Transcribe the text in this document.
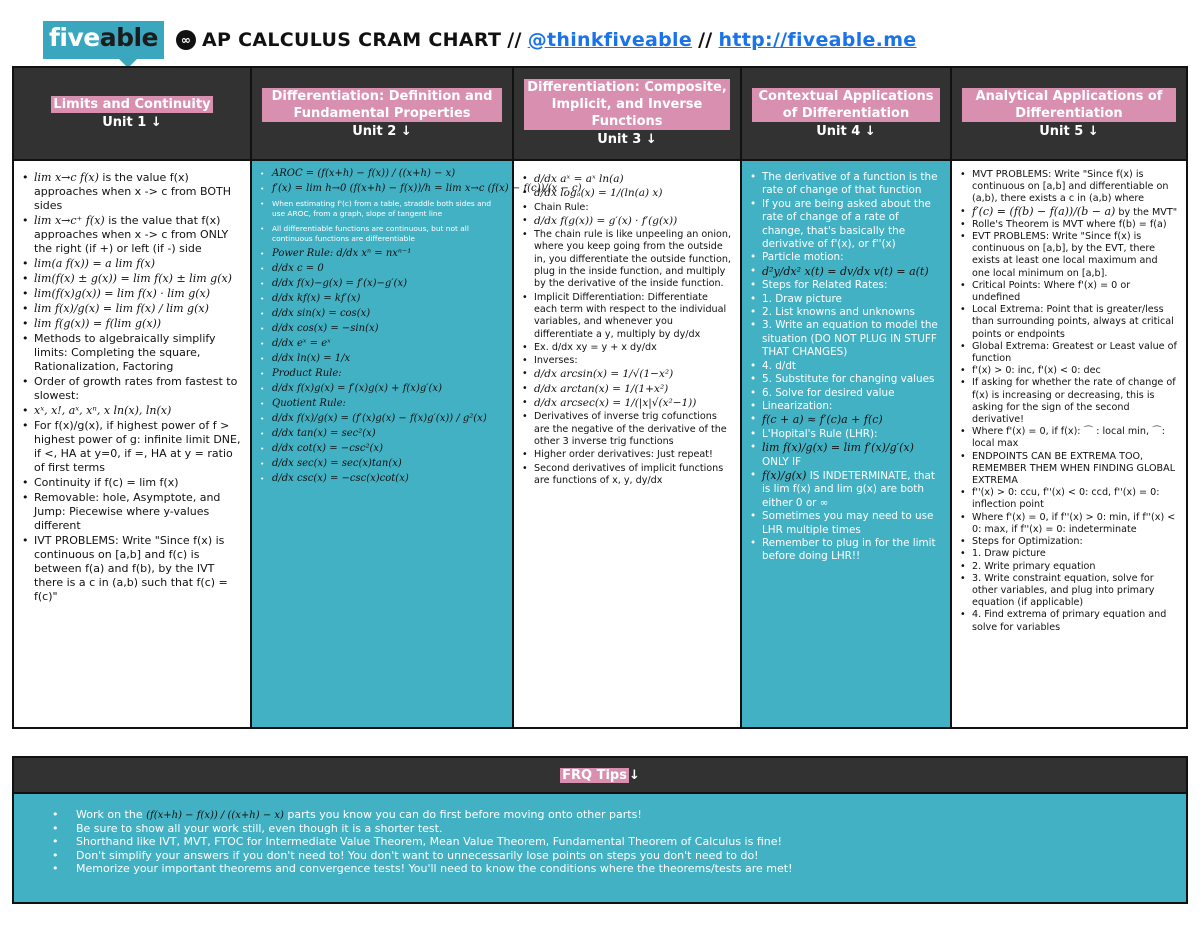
fiveable	∞ AP CALCULUS CRAM CHART // @thinkfiveable // http://fiveable.me
Limits and Continuity
Unit 1 ↓
• lim x→c f(x) is the value f(x) approaches when x -> c from BOTH sides
• lim x→c⁺ f(x) is the value that f(x) approaches when x -> c from ONLY the right (if +) or left (if -) side
• lim(a f(x)) = a lim f(x)
• lim(f(x) ± g(x)) = lim f(x) ± lim g(x)
• lim(f(x)g(x)) = lim f(x) · lim g(x)
• lim f(x)/g(x) = lim f(x) / lim g(x)
• lim f(g(x)) = f(lim g(x))
• Methods to algebraically simplify limits: Completing the square, Rationalization, Factoring
• Order of growth rates from fastest to slowest:
• xˣ, x!, aˣ, xⁿ, x ln(x), ln(x)
• For f(x)/g(x), if highest power of f > highest power of g: infinite limit DNE, if <, HA at y=0, if =, HA at y = ratio of first terms
• Continuity if f(c) = lim f(x)
• Removable: hole, Asymptote, and Jump: Piecewise where y-values different
• IVT PROBLEMS: Write "Since f(x) is continuous on [a,b] and f(c) is between f(a) and f(b), by the IVT there is a c in (a,b) such that f(c) = f(c)"
Differentiation: Definition and Fundamental Properties
Unit 2 ↓
• AROC = (f(x+h) − f(x)) / ((x+h) − x)
• f′(x) = lim h→0 (f(x+h) − f(x))/h = lim x→c (f(x) − f(c))/(x − c)
• When estimating f'(c) from a table, straddle both sides and use AROC, from a graph, slope of tangent line
• All differentiable functions are continuous, but not all continuous functions are differentiable
• Power Rule: d/dx xⁿ = nxⁿ⁻¹
• d/dx c = 0
• d/dx f(x)−g(x) = f′(x)−g′(x)
• d/dx kf(x) = kf′(x)
• d/dx sin(x) = cos(x)
• d/dx cos(x) = −sin(x)
• d/dx eˣ = eˣ
• d/dx ln(x) = 1/x
• Product Rule:
• d/dx f(x)g(x) = f′(x)g(x) + f(x)g′(x)
• Quotient Rule:
• d/dx f(x)/g(x) = (f′(x)g(x) − f(x)g′(x)) / g²(x)
• d/dx tan(x) = sec²(x)
• d/dx cot(x) = −csc²(x)
• d/dx sec(x) = sec(x)tan(x)
• d/dx csc(x) = −csc(x)cot(x)
Differentiation: Composite, Implicit, and Inverse Functions
Unit 3 ↓
• d/dx aˣ = aˣ ln(a)
• d/dx logₐ(x) = 1/(ln(a) x)
• Chain Rule:
• d/dx f(g(x)) = g′(x) · f′(g(x))
• The chain rule is like unpeeling an onion, where you keep going from the outside in, you differentiate the outside function, plug in the inside function, and multiply by the derivative of the inside function.
• Implicit Differentiation: Differentiate each term with respect to the individual variables, and whenever you differentiate a y, multiply by dy/dx
• Ex. d/dx xy = y + x dy/dx
• Inverses:
• d/dx arcsin(x) = 1/√(1−x²)
• d/dx arctan(x) = 1/(1+x²)
• d/dx arcsec(x) = 1/(|x|√(x²−1))
• Derivatives of inverse trig cofunctions are the negative of the derivative of the other 3 inverse trig functions
• Higher order derivatives: Just repeat!
• Second derivatives of implicit functions are functions of x, y, dy/dx
Contextual Applications of Differentiation
Unit 4 ↓
• The derivative of a function is the rate of change of that function
• If you are being asked about the rate of change of a rate of change, that's basically the derivative of f'(x), or f''(x)
• Particle motion:
• d²y/dx² x(t) = dv/dx v(t) = a(t)
• Steps for Related Rates:
• 1. Draw picture
• 2. List knowns and unknowns
• 3. Write an equation to model the situation (DO NOT PLUG IN STUFF THAT CHANGES)
• 4. d/dt
• 5. Substitute for changing values
• 6. Solve for desired value
• Linearization:
• f(c + a) ≈ f′(c)a + f(c)
• L'Hopital's Rule (LHR):
• lim f(x)/g(x) = lim f′(x)/g′(x) ONLY IF
• f(x)/g(x) IS INDETERMINATE, that is lim f(x) and lim g(x) are both either 0 or ∞
• Sometimes you may need to use LHR multiple times
• Remember to plug in for the limit before doing LHR!!
Analytical Applications of Differentiation
Unit 5 ↓
• MVT PROBLEMS: Write "Since f(x) is continuous on [a,b] and differentiable on (a,b), there exists a c in (a,b) where
• f′(c) = (f(b) − f(a))/(b − a) by the MVT"
• Rolle's Theorem is MVT where f(b) = f(a)
• EVT PROBLEMS: Write "Since f(x) is continuous on [a,b], by the EVT, there exists at least one local maximum and one local minimum on [a,b].
• Critical Points: Where f'(x) = 0 or undefined
• Local Extrema: Point that is greater/less than surrounding points, always at critical points or endpoints
• Global Extrema: Greatest or Least value of function
• f'(x) > 0: inc, f'(x) < 0: dec
• If asking for whether the rate of change of f(x) is increasing or decreasing, this is asking for the sign of the second derivative!
• Where f'(x) = 0, if f(x): ⌒ : local min, ⌒: local max
• ENDPOINTS CAN BE EXTREMA TOO, REMEMBER THEM WHEN FINDING GLOBAL EXTREMA
• f''(x) > 0: ccu, f''(x) < 0: ccd, f''(x) = 0: inflection point
• Where f'(x) = 0, if f''(x) > 0: min, if f''(x) < 0: max, if f''(x) = 0: indeterminate
• Steps for Optimization:
• 1. Draw picture
• 2. Write primary equation
• 3. Write constraint equation, solve for other variables, and plug into primary equation (if applicable)
• 4. Find extrema of primary equation and solve for variables
FRQ Tips ↓
• Work on the (f(x+h) − f(x)) / ((x+h) − x) parts you know you can do first before moving onto other parts!
• Be sure to show all your work still, even though it is a shorter test.
• Shorthand like IVT, MVT, FTOC for Intermediate Value Theorem, Mean Value Theorem, Fundamental Theorem of Calculus is fine!
• Don't simplify your answers if you don't need to! You don't want to unnecessarily lose points on steps you don't need to do!
• Memorize your important theorems and convergence tests! You'll need to know the conditions where the theorems/tests are met!
